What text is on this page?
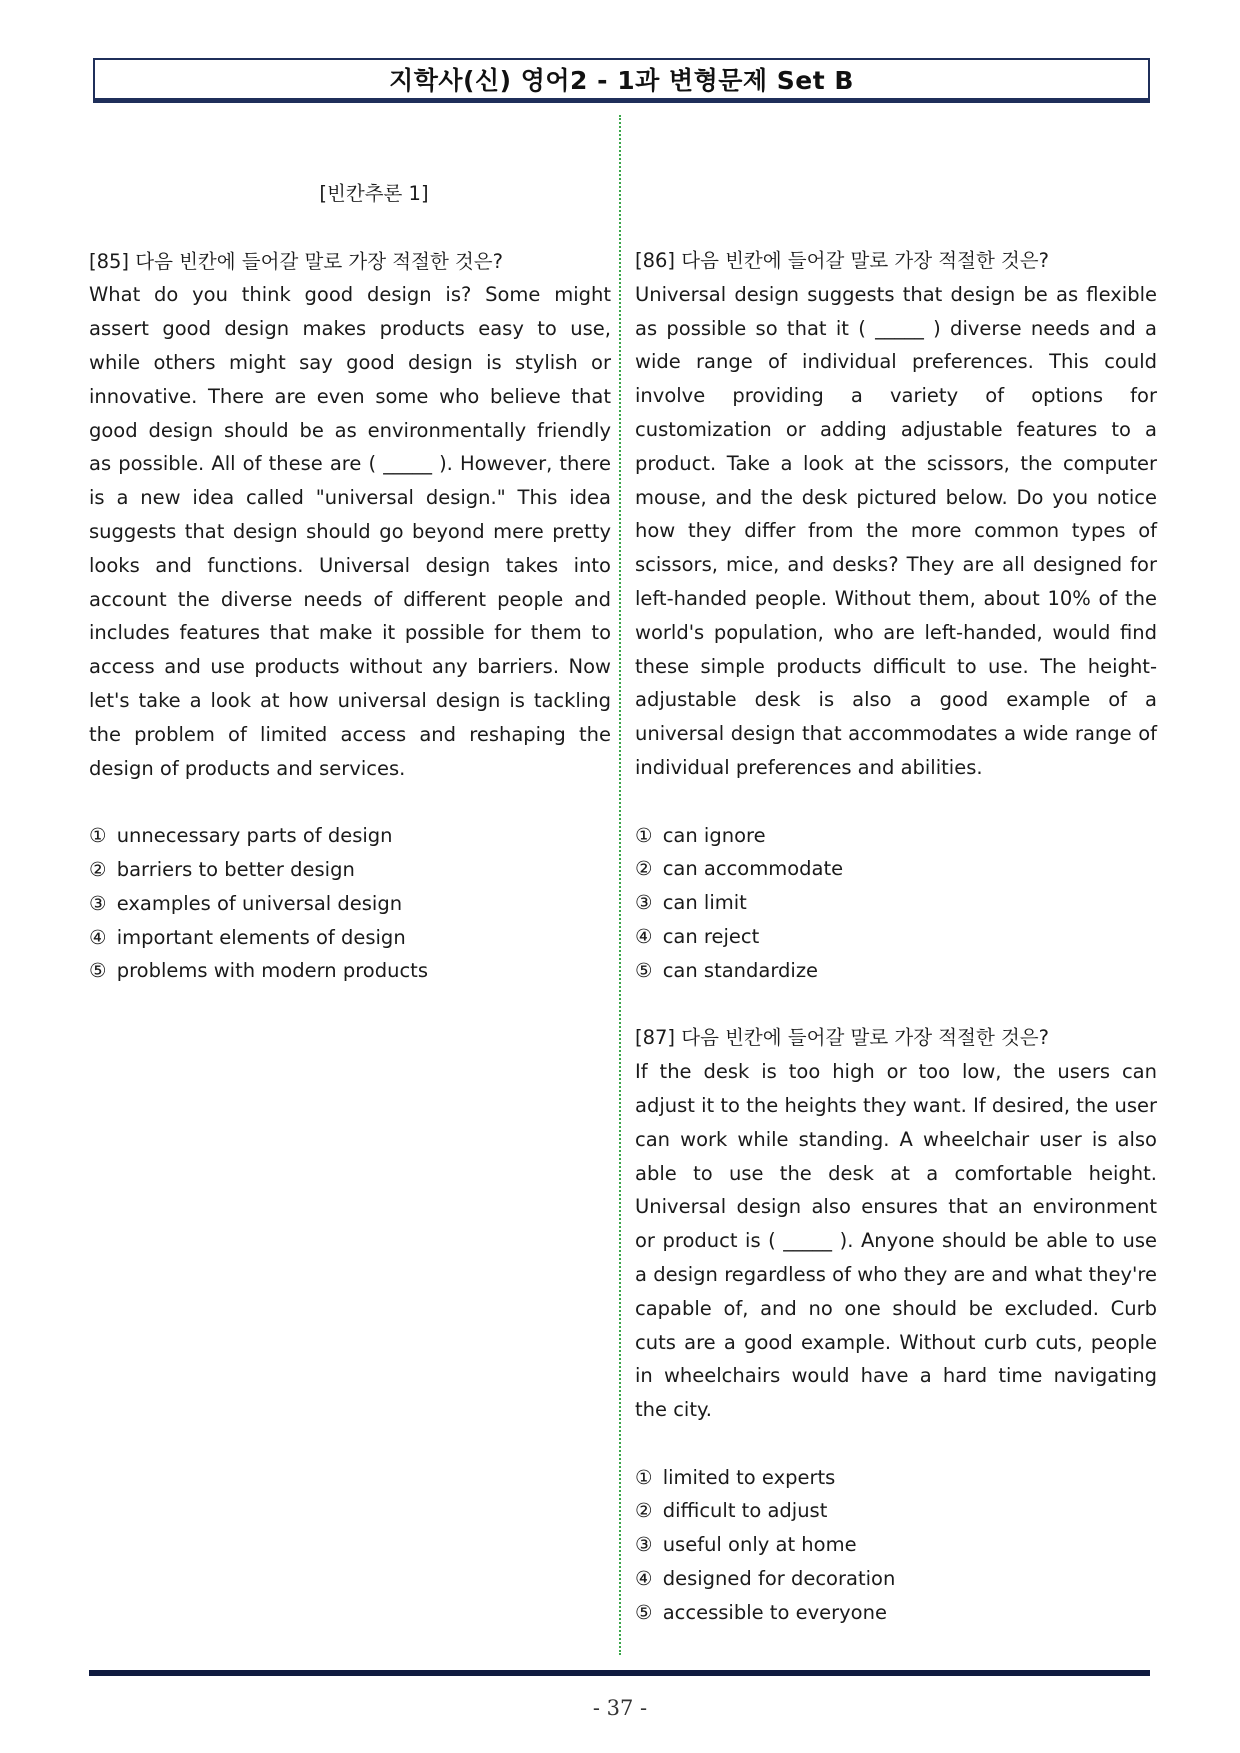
지학사(신) 영어2 - 1과 변형문제 Set B
[빈칸추론 1]
[85] 다음 빈칸에 들어갈 말로 가장 적절한 것은?
What do you think good design is? Some might assert good design makes products easy to use, while others might say good design is stylish or innovative. There are even some who believe that good design should be as environmentally friendly as possible. All of these are ( _____ ). However, there is a new idea called "universal design." This idea suggests that design should go beyond mere pretty looks and functions. Universal design takes into account the diverse needs of different people and includes features that make it possible for them to access and use products without any barriers. Now let's take a look at how universal design is tackling the problem of limited access and reshaping the design of products and services.
① unnecessary parts of design
② barriers to better design
③ examples of universal design
④ important elements of design
⑤ problems with modern products
[86] 다음 빈칸에 들어갈 말로 가장 적절한 것은?
Universal design suggests that design be as flexible as possible so that it ( _____ ) diverse needs and a wide range of individual preferences. This could involve providing a variety of options for customization or adding adjustable features to a product. Take a look at the scissors, the computer mouse, and the desk pictured below. Do you notice how they differ from the more common types of scissors, mice, and desks? They are all designed for left-handed people. Without them, about 10% of the world's population, who are left-handed, would find these simple products difficult to use. The height-adjustable desk is also a good example of a universal design that accommodates a wide range of individual preferences and abilities.
① can ignore
② can accommodate
③ can limit
④ can reject
⑤ can standardize
[87] 다음 빈칸에 들어갈 말로 가장 적절한 것은?
If the desk is too high or too low, the users can adjust it to the heights they want. If desired, the user can work while standing. A wheelchair user is also able to use the desk at a comfortable height. Universal design also ensures that an environment or product is ( _____ ). Anyone should be able to use a design regardless of who they are and what they're capable of, and no one should be excluded. Curb cuts are a good example. Without curb cuts, people in wheelchairs would have a hard time navigating the city.
① limited to experts
② difficult to adjust
③ useful only at home
④ designed for decoration
⑤ accessible to everyone
- 37 -
